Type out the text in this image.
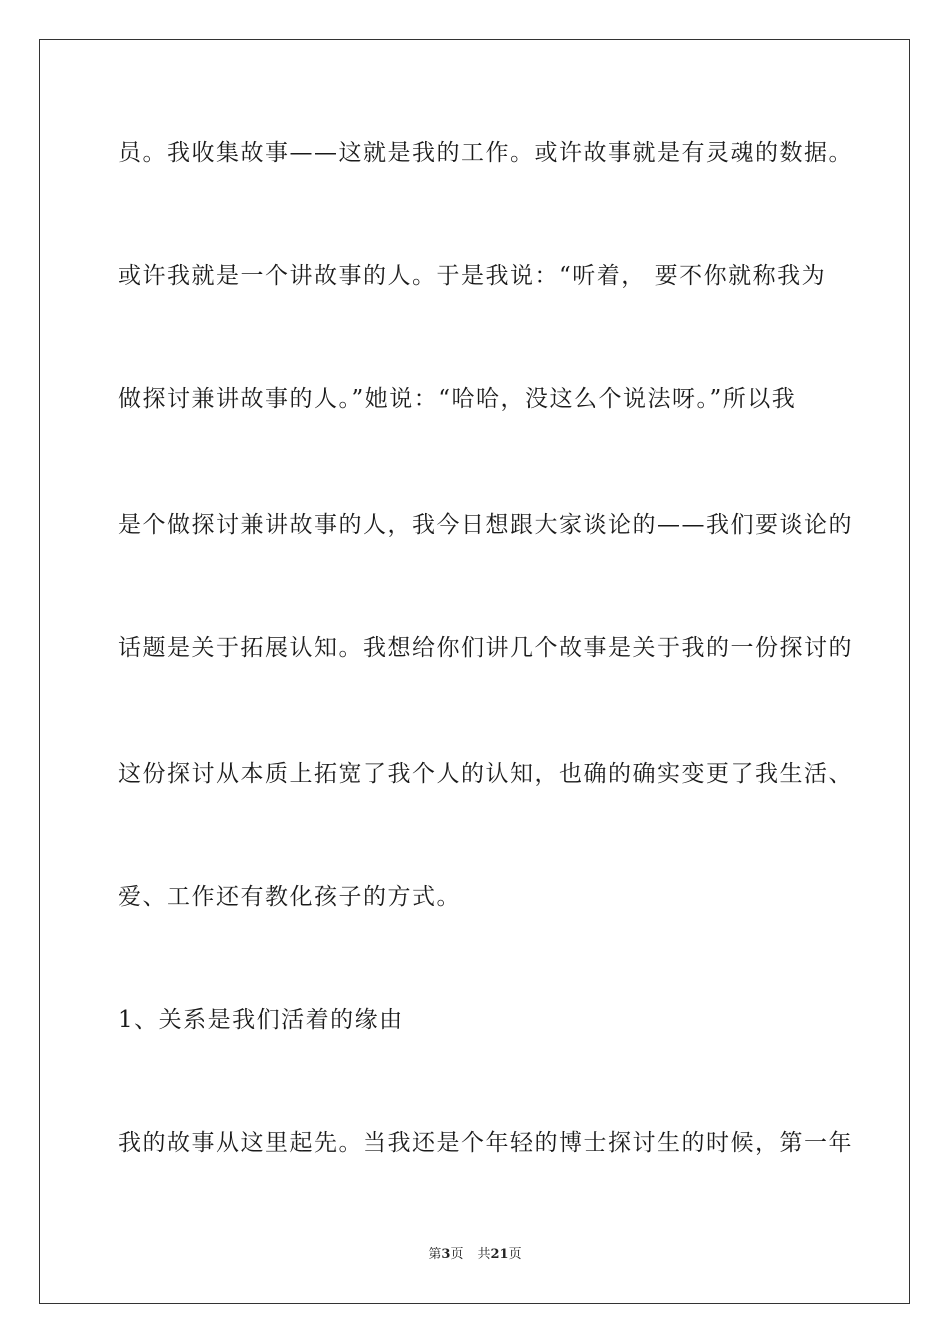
员。我收集故事——这就是我的工作。或许故事就是有灵魂的数据。
或许我就是一个讲故事的人。于是我说：“听着， 要不你就称我为
做探讨兼讲故事的人。”她说：“哈哈，没这么个说法呀。”所以我
是个做探讨兼讲故事的人，我今日想跟大家谈论的——我们要谈论的
话题是关于拓展认知。我想给你们讲几个故事是关于我的一份探讨的
这份探讨从本质上拓宽了我个人的认知，也确的确实变更了我生活、
爱、工作还有教化孩子的方式。
1、关系是我们活着的缘由
我的故事从这里起先。当我还是个年轻的博士探讨生的时候，第一年
第3页 共21页
